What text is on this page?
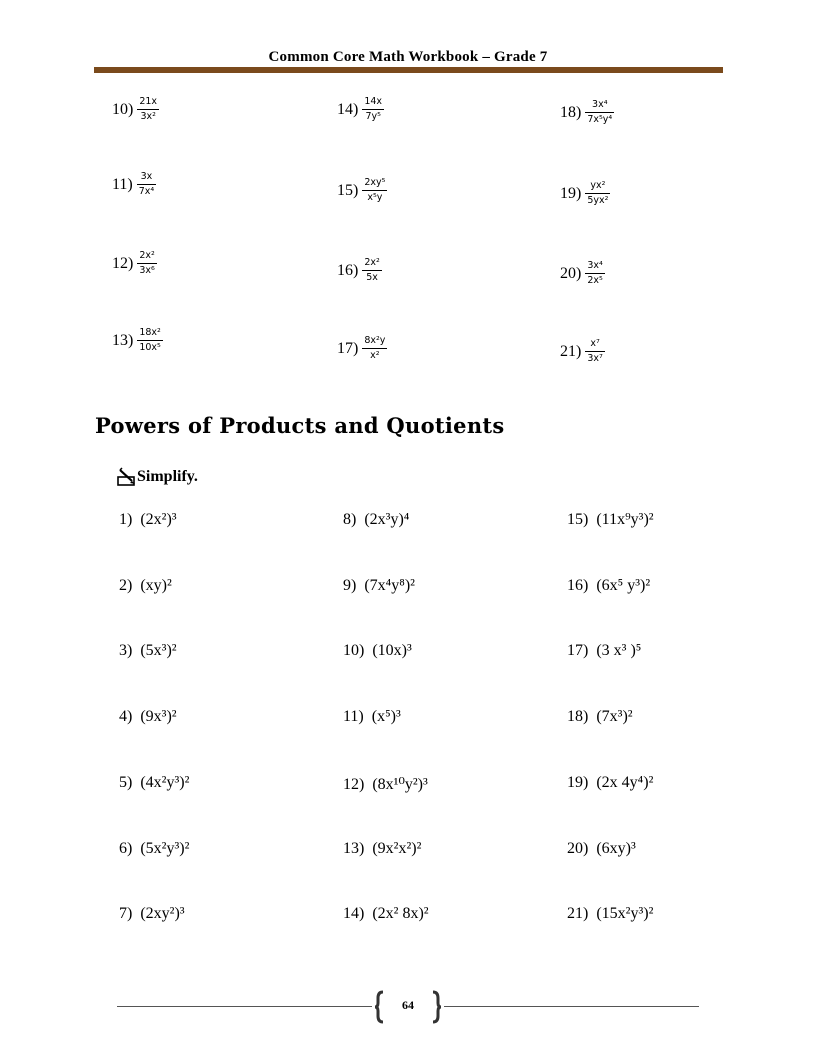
Common Core Math Workbook – Grade 7
$10) \frac{21x}{\text{3x²}}$
$11) \frac{3x}{\text{7x⁴}}$
$12) \frac{\text{2x²}}{\text{3x⁶}}$
$13) \frac{\text{18x²}}{\text{10x⁵}}$
$14) \frac{14x}{\text{7y⁵}}$
$15) \frac{\text{2xy⁵}}{\text{x⁵y}}$
$16) \frac{\text{2x²}}{5x}$
$17) \frac{\text{8x²y}}{\text{x²}}$
$18) \frac{\text{3x⁴}}{\text{7x⁵y⁴}}$
$19) \frac{\text{yx²}}{\text{5yx²}}$
$20) \frac{\text{3x⁴}}{\text{2x⁵}}$
$21) \frac{\text{x⁷}}{\text{3x⁷}}$
Powers of Products and Quotients
Simplify.
1) (2x²)³
2) (xy)²
3) (5x³)²
4) (9x³)²
5) (4x²y³)²
6) (5x²y³)²
7) (2xy²)³
8) (2x³y)⁴
9) (7x⁴y⁸)²
10) (10x)³
11) (x⁵)³
12) (8x¹⁰y²)³
13) (9x²x²)²
14) (2x² 8x)²
15) (11x⁹y³)²
16) (6x⁵ y³)²
17) (3 x³ )⁵
18) (7x³)²
19) (2x 4y⁴)²
20) (6xy)³
21) (15x²y³)²
64
